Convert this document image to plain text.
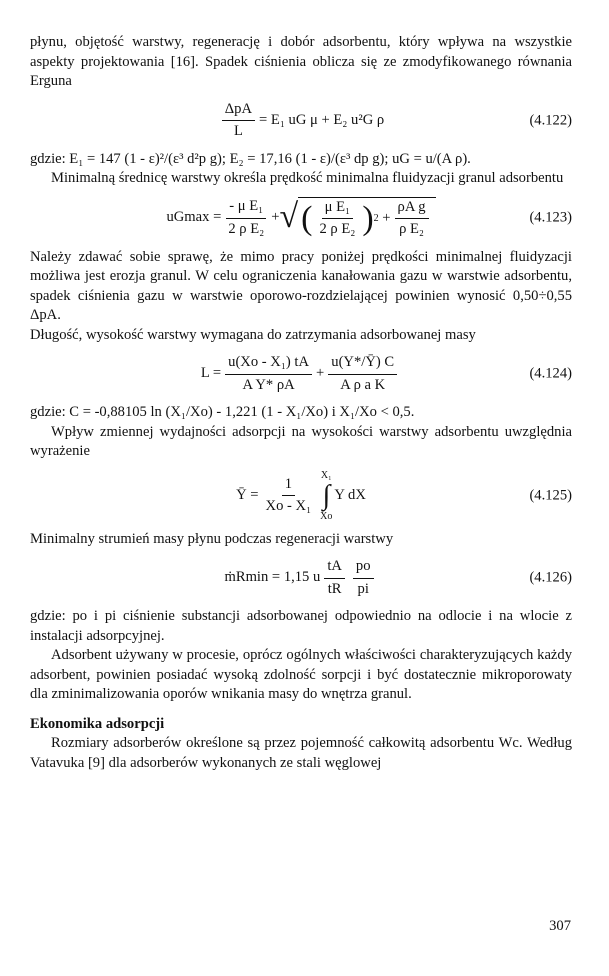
płynu, objętość warstwy, regenerację i dobór adsorbentu, który wpływa na wszystkie aspekty projektowania [16]. Spadek ciśnienia oblicza się ze zmodyfikowanego równania Erguna

$\frac{\text{ΔpA}}{L} = E_1$ uG μ + E₂ u²G ρ	(4.122)

gdzie: E₁ = 147 (1 - ε)²/(ε³ d²p g); E₂ = 17,16 (1 - ε)/(ε³ dp g); uG = u/(A ρ).

Minimalną średnicę warstwy określa prędkość minimalna fluidyzacji granul adsorbentu

$uGmax = \frac{\text{- μ E₁}}{\text{2 ρ E₂}}$ + √ ( $\frac{\text{μ E₁}}{\text{2 ρ E₂}}$ ) $2 + \frac{\text{ρA g}}{\text{ρ E₂}}$	(4.123)

Należy zdawać sobie sprawę, że mimo pracy poniżej prędkości minimalnej fluidyzacji możliwa jest erozja granul. W celu ograniczenia kanałowania gazu w warstwie adsorbentu, spadek ciśnienia gazu w warstwie oporowo-rozdzielającej powinien wynosić 0,50÷0,55 ΔpA.

Długość, wysokość warstwy wymagana do zatrzymania adsorbowanej masy

$L = \frac{\text{u(Xo - X₁) tA}}{\text{A Y* ρA}} + \frac{u(Y*/Ȳ) C}{\text{A ρ a K}}$	(4.124)

gdzie: C = -0,88105 ln (X₁/Xo) - 1,221 (1 - X₁/Xo) i X₁/Xo < 0,5.

Wpływ zmiennej wydajności adsorpcji na wysokości warstwy adsorbentu uwzględnia wyrażenie

Ȳ = $\frac{1}{\text{Xo - X₁}} X_1$
∫
Xo
Y dX	(4.125)

Minimalny strumień masy płynu podczas regeneracji warstwy

ṁRmin = 1,15 u $\frac{tA}{tR} \frac{po}{pi}$	(4.126)

gdzie: po i pi ciśnienie substancji adsorbowanej odpowiednio na odlocie i na wlocie z instalacji adsorpcyjnej.

Adsorbent używany w procesie, oprócz ogólnych właściwości charakteryzujących każdy adsorbent, powinien posiadać wysoką zdolność sorpcji i być dostatecznie mikroporowaty dla zminimalizowania oporów wnikania masy do wnętrza granul.

Ekonomika adsorpcji

Rozmiary adsorberów określone są przez pojemność całkowitą adsorbentu Wc. Według Vatavuka [9] dla adsorberów wykonanych ze stali węglowej

307
